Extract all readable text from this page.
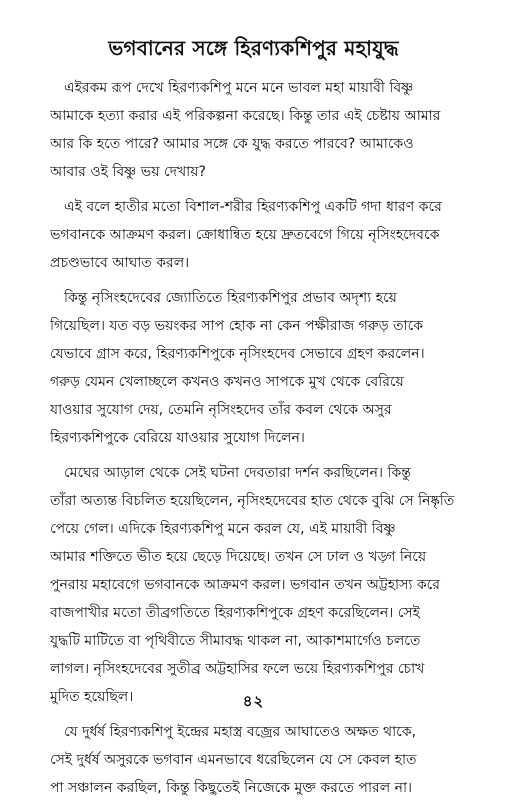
ভগবানের সঙ্গে হিরণ্যকশিপুর মহাযুদ্ধ
এইরকম রূপ দেখে হিরণ্যকশিপু মনে মনে ভাবল মহা মায়াবী বিষ্ণু
আমাকে হত্যা করার এই পরিকল্পনা করেছে। কিন্তু তার এই চেষ্টায় আমার
আর কি হতে পারে? আমার সঙ্গে কে যুদ্ধ করতে পারবে? আমাকেও
আবার ওই বিষ্ণু ভয় দেখায়?
এই বলে হাতীর মতো বিশাল-শরীর হিরণ্যকশিপু একটি গদা ধারণ করে
ভগবানকে আক্রমণ করল। ক্রোধান্বিত হয়ে দ্রুতবেগে গিয়ে নৃসিংহদেবকে
প্রচণ্ডভাবে আঘাত করল।
কিন্তু নৃসিংহদেবের জ্যোতিতে হিরণ্যকশিপুর প্রভাব অদৃশ্য হয়ে
গিয়েছিল। যত বড় ভয়ংকর সাপ হোক না কেন পক্ষীরাজ গরুড় তাকে
যেভাবে গ্রাস করে, হিরণ্যকশিপুকে নৃসিংহদেব সেভাবে গ্রহণ করলেন।
গরুড় যেমন খেলাচ্ছলে কখনও কখনও সাপকে মুখ থেকে বেরিয়ে
যাওয়ার সুযোগ দেয়, তেমনি নৃসিংহদেব তাঁর কবল থেকে অসুর
হিরণ্যকশিপুকে বেরিয়ে যাওয়ার সুযোগ দিলেন।
মেঘের আড়াল থেকে সেই ঘটনা দেবতারা দর্শন করছিলেন। কিন্তু
তাঁরা অত্যন্ত বিচলিত হয়েছিলেন, নৃসিংহদেবের হাত থেকে বুঝি সে নিষ্কৃতি
পেয়ে গেল। এদিকে হিরণ্যকশিপু মনে করল যে, এই মায়াবী বিষ্ণু
আমার শক্তিতে ভীত হয়ে ছেড়ে দিয়েছে। তখন সে ঢাল ও খড়্গ নিয়ে
পুনরায় মহাবেগে ভগবানকে আক্রমণ করল। ভগবান তখন অট্টহাস্য করে
বাজপাখীর মতো তীব্রগতিতে হিরণ্যকশিপুকে গ্রহণ করেছিলেন। সেই
যুদ্ধটি মাটিতে বা পৃথিবীতে সীমাবদ্ধ থাকল না, আকাশমার্গেও চলতে
লাগল। নৃসিংহদেবের সুতীব্র অট্টহাসির ফলে ভয়ে হিরণ্যকশিপুর চোখ
মুদিত হয়েছিল।
যে দুর্ধর্ষ হিরণ্যকশিপু ইন্দ্রের মহাস্ত্র বজ্রের আঘাতেও অক্ষত থাকে,
সেই দুর্ধর্ষ অসুরকে ভগবান এমনভাবে ধরেছিলেন যে সে কেবল হাত
পা সঞ্চালন করছিল, কিন্তু কিছুতেই নিজেকে মুক্ত করতে পারল না।
৪২
